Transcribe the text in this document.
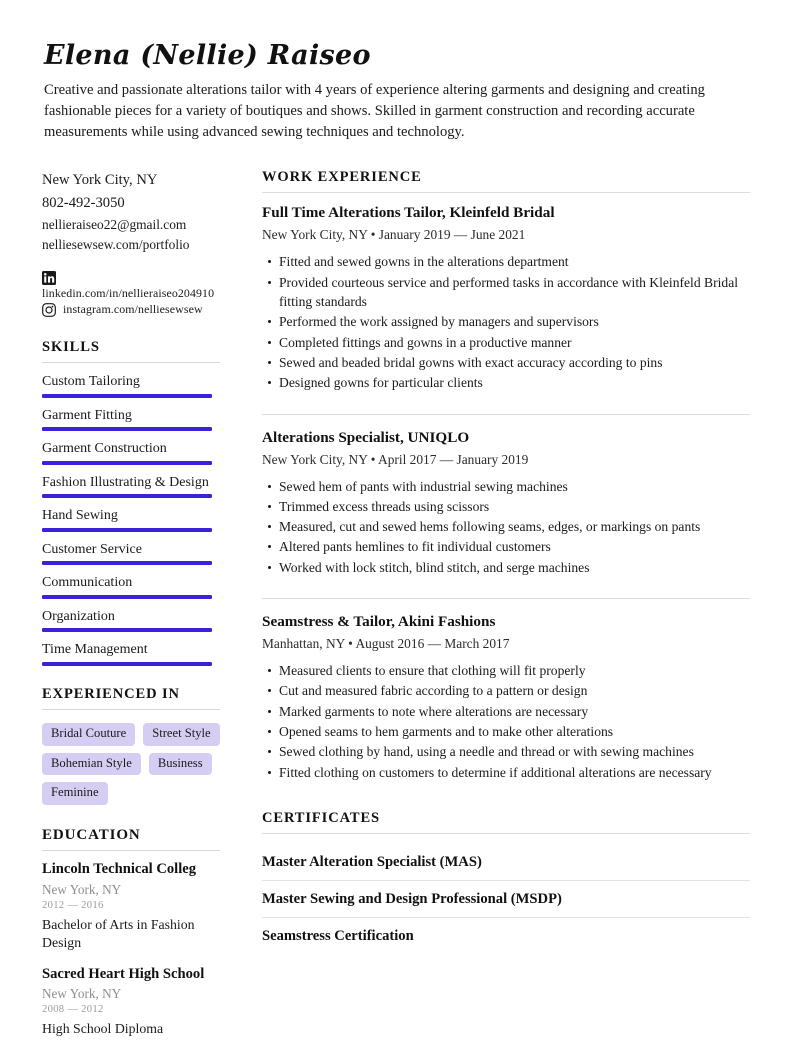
Elena (Nellie) Raiseo

Creative and passionate alterations tailor with 4 years of experience altering garments and designing and creating fashionable pieces for a variety of boutiques and shows. Skilled in garment construction and recording accurate measurements while using advanced sewing techniques and technology.

New York City, NY
802-492-3050
nellieraiseo22@gmail.com
nelliesewsew.com/portfolio
linkedin.com/in/nellieraiseo204910
instagram.com/nelliesewsew
SKILLS
Custom Tailoring
Garment Fitting
Garment Construction
Fashion Illustrating & Design
Hand Sewing
Customer Service
Communication
Organization
Time Management
EXPERIENCED IN
Bridal Couture	Street Style
Bohemian Style	Business
Feminine
EDUCATION
Lincoln Technical Colleg
New York, NY
2012 — 2016
Bachelor of Arts in Fashion Design
Sacred Heart High School
New York, NY
2008 — 2012
High School Diploma
WORK EXPERIENCE
Full Time Alterations Tailor, Kleinfeld Bridal
New York City, NY • January 2019 — June 2021
Fitted and sewed gowns in the alterations department
Provided courteous service and performed tasks in accordance with Kleinfeld Bridal fitting standards
Performed the work assigned by managers and supervisors
Completed fittings and gowns in a productive manner
Sewed and beaded bridal gowns with exact accuracy according to pins
Designed gowns for particular clients
Alterations Specialist, UNIQLO
New York City, NY • April 2017 — January 2019
Sewed hem of pants with industrial sewing machines
Trimmed excess threads using scissors
Measured, cut and sewed hems following seams, edges, or markings on pants
Altered pants hemlines to fit individual customers
Worked with lock stitch, blind stitch, and serge machines
Seamstress & Tailor, Akini Fashions
Manhattan, NY • August 2016 — March 2017
Measured clients to ensure that clothing will fit properly
Cut and measured fabric according to a pattern or design
Marked garments to note where alterations are necessary
Opened seams to hem garments and to make other alterations
Sewed clothing by hand, using a needle and thread or with sewing machines
Fitted clothing on customers to determine if additional alterations are necessary
CERTIFICATES
Master Alteration Specialist (MAS)
Master Sewing and Design Professional (MSDP)
Seamstress Certification
